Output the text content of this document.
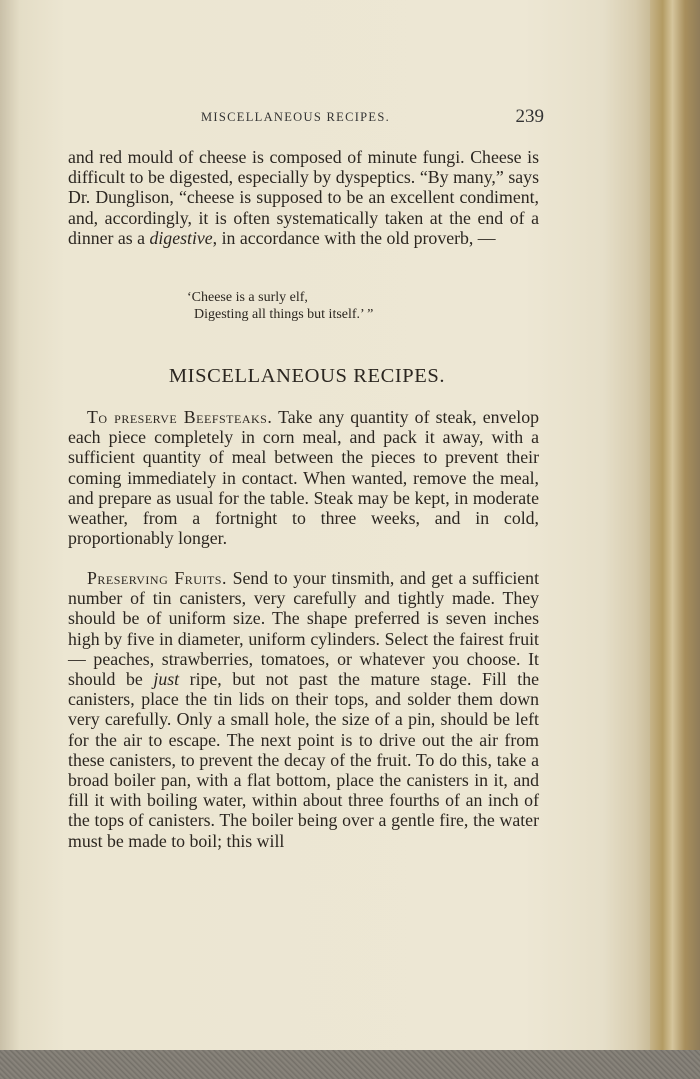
MISCELLANEOUS RECIPES.	239

and red mould of cheese is composed of minute fungi. Cheese is difficult to be digested, especially by dyspeptics. “By many,” says Dr. Dunglison, “cheese is supposed to be an excellent condiment, and, accordingly, it is often systematically taken at the end of a dinner as a digestive, in accordance with the old proverb, —

‘Cheese is a surly elf,
Digesting all things but itself.’ ”
MISCELLANEOUS RECIPES.

To preserve Beefsteaks. Take any quantity of steak, envelop each piece completely in corn meal, and pack it away, with a sufficient quantity of meal between the pieces to prevent their coming immediately in contact. When wanted, remove the meal, and prepare as usual for the table. Steak may be kept, in moderate weather, from a fortnight to three weeks, and in cold, proportionably longer.

Preserving Fruits. Send to your tinsmith, and get a sufficient number of tin canisters, very carefully and tightly made. They should be of uniform size. The shape preferred is seven inches high by five in diameter, uniform cylinders. Select the fairest fruit — peaches, strawberries, tomatoes, or whatever you choose. It should be just ripe, but not past the mature stage. Fill the canisters, place the tin lids on their tops, and solder them down very carefully. Only a small hole, the size of a pin, should be left for the air to escape. The next point is to drive out the air from these canisters, to prevent the decay of the fruit. To do this, take a broad boiler pan, with a flat bottom, place the canisters in it, and fill it with boiling water, within about three fourths of an inch of the tops of canisters. The boiler being over a gentle fire, the water must be made to boil; this will
